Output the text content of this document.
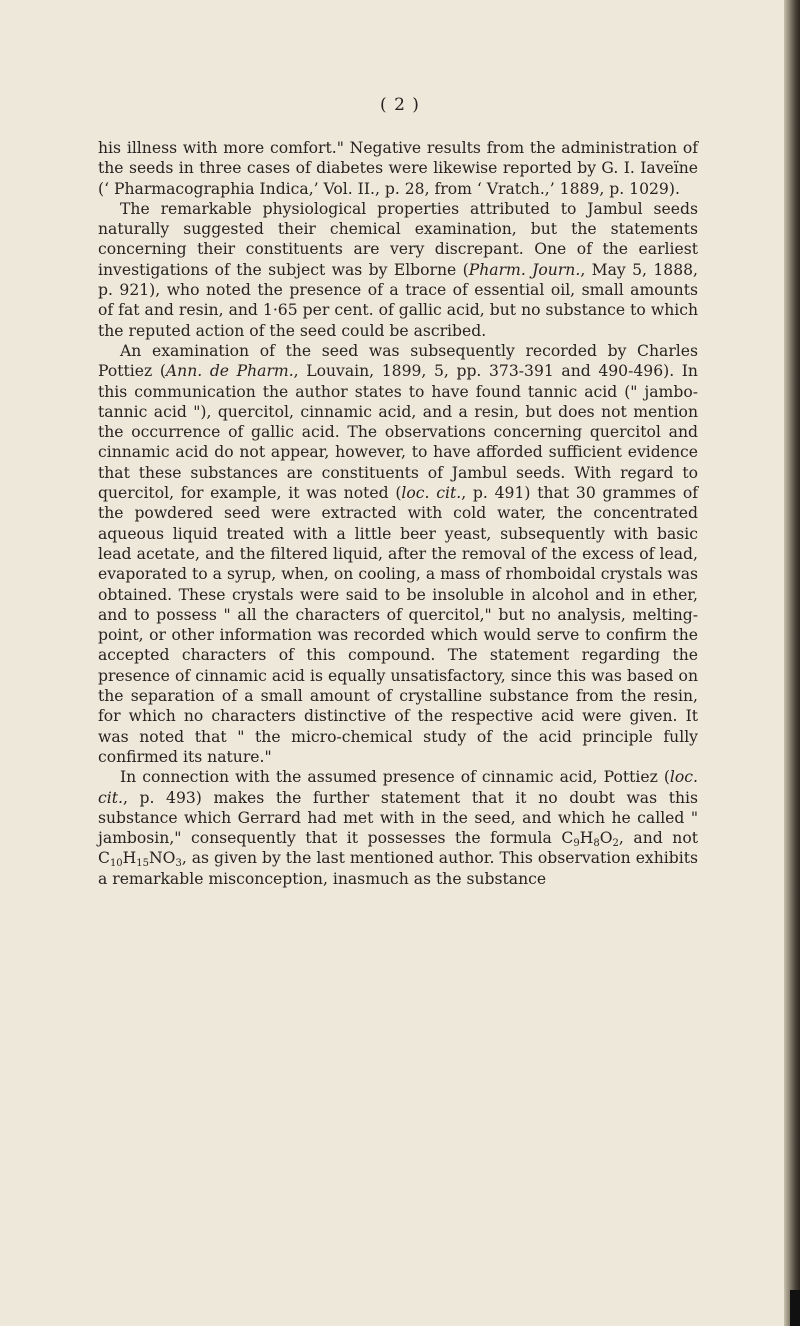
( 2 )

his illness with more comfort." Negative results from the administration of the seeds in three cases of diabetes were likewise reported by G. I. Iaveïne (‘ Pharmacographia Indica,’ Vol. II., p. 28, from ‘ Vratch.,’ 1889, p. 1029).

The remarkable physiological properties attributed to Jambul seeds naturally suggested their chemical examination, but the statements concerning their constituents are very discrepant. One of the earliest investigations of the subject was by Elborne (Pharm. Journ., May 5, 1888, p. 921), who noted the presence of a trace of essential oil, small amounts of fat and resin, and 1·65 per cent. of gallic acid, but no substance to which the reputed action of the seed could be ascribed.

An examination of the seed was subsequently recorded by Charles Pottiez (Ann. de Pharm., Louvain, 1899, 5, pp. 373-391 and 490-496). In this communication the author states to have found tannic acid (" jambo-tannic acid "), quercitol, cinnamic acid, and a resin, but does not mention the occurrence of gallic acid. The observations concerning quercitol and cinnamic acid do not appear, however, to have afforded sufficient evidence that these substances are constituents of Jambul seeds. With regard to quercitol, for example, it was noted (loc. cit., p. 491) that 30 grammes of the powdered seed were extracted with cold water, the concentrated aqueous liquid treated with a little beer yeast, subsequently with basic lead acetate, and the filtered liquid, after the removal of the excess of lead, evaporated to a syrup, when, on cooling, a mass of rhomboidal crystals was obtained. These crystals were said to be insoluble in alcohol and in ether, and to possess " all the characters of quercitol," but no analysis, melting-point, or other information was recorded which would serve to confirm the accepted characters of this compound. The statement regarding the presence of cinnamic acid is equally unsatisfactory, since this was based on the separation of a small amount of crystalline substance from the resin, for which no characters distinctive of the respective acid were given. It was noted that " the micro-chemical study of the acid principle fully confirmed its nature."

In connection with the assumed presence of cinnamic acid, Pottiez (loc. cit., p. 493) makes the further statement that it no doubt was this substance which Gerrard had met with in the seed, and which he called " jambosin," consequently that it possesses the formula $C_9H_8O_2$, and not $C_{10}H_{15}NO_3$, as given by the last mentioned author. This observation exhibits a remarkable misconception, inasmuch as the substance
